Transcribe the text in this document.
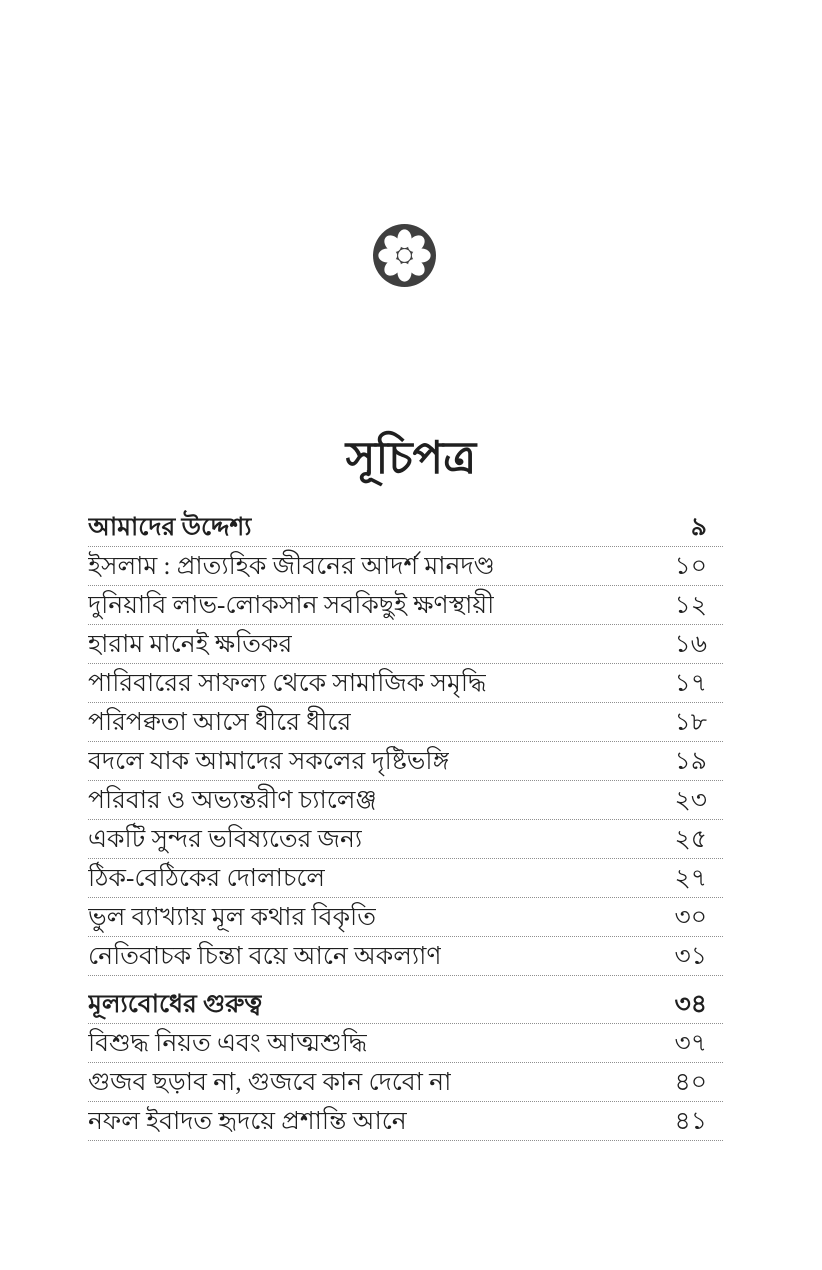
সূচিপত্র
আমাদের উদ্দেশ্য	৯
ইসলাম : প্রাত্যহিক জীবনের আদর্শ মানদণ্ড	১০
দুনিয়াবি লাভ-লোকসান সবকিছুই ক্ষণস্থায়ী	১২
হারাম মানেই ক্ষতিকর	১৬
পারিবারের সাফল্য থেকে সামাজিক সমৃদ্ধি	১৭
পরিপক্বতা আসে ধীরে ধীরে	১৮
বদলে যাক আমাদের সকলের দৃষ্টিভঙ্গি	১৯
পরিবার ও অভ্যন্তরীণ চ্যালেঞ্জ	২৩
একটি সুন্দর ভবিষ্যতের জন্য	২৫
ঠিক-বেঠিকের দোলাচলে	২৭
ভুল ব্যাখ্যায় মূল কথার বিকৃতি	৩০
নেতিবাচক চিন্তা বয়ে আনে অকল্যাণ	৩১
মূল্যবোধের গুরুত্ব	৩৪
বিশুদ্ধ নিয়ত এবং আত্মশুদ্ধি	৩৭
গুজব ছড়াব না, গুজবে কান দেবো না	৪০
নফল ইবাদত হৃদয়ে প্রশান্তি আনে	৪১
